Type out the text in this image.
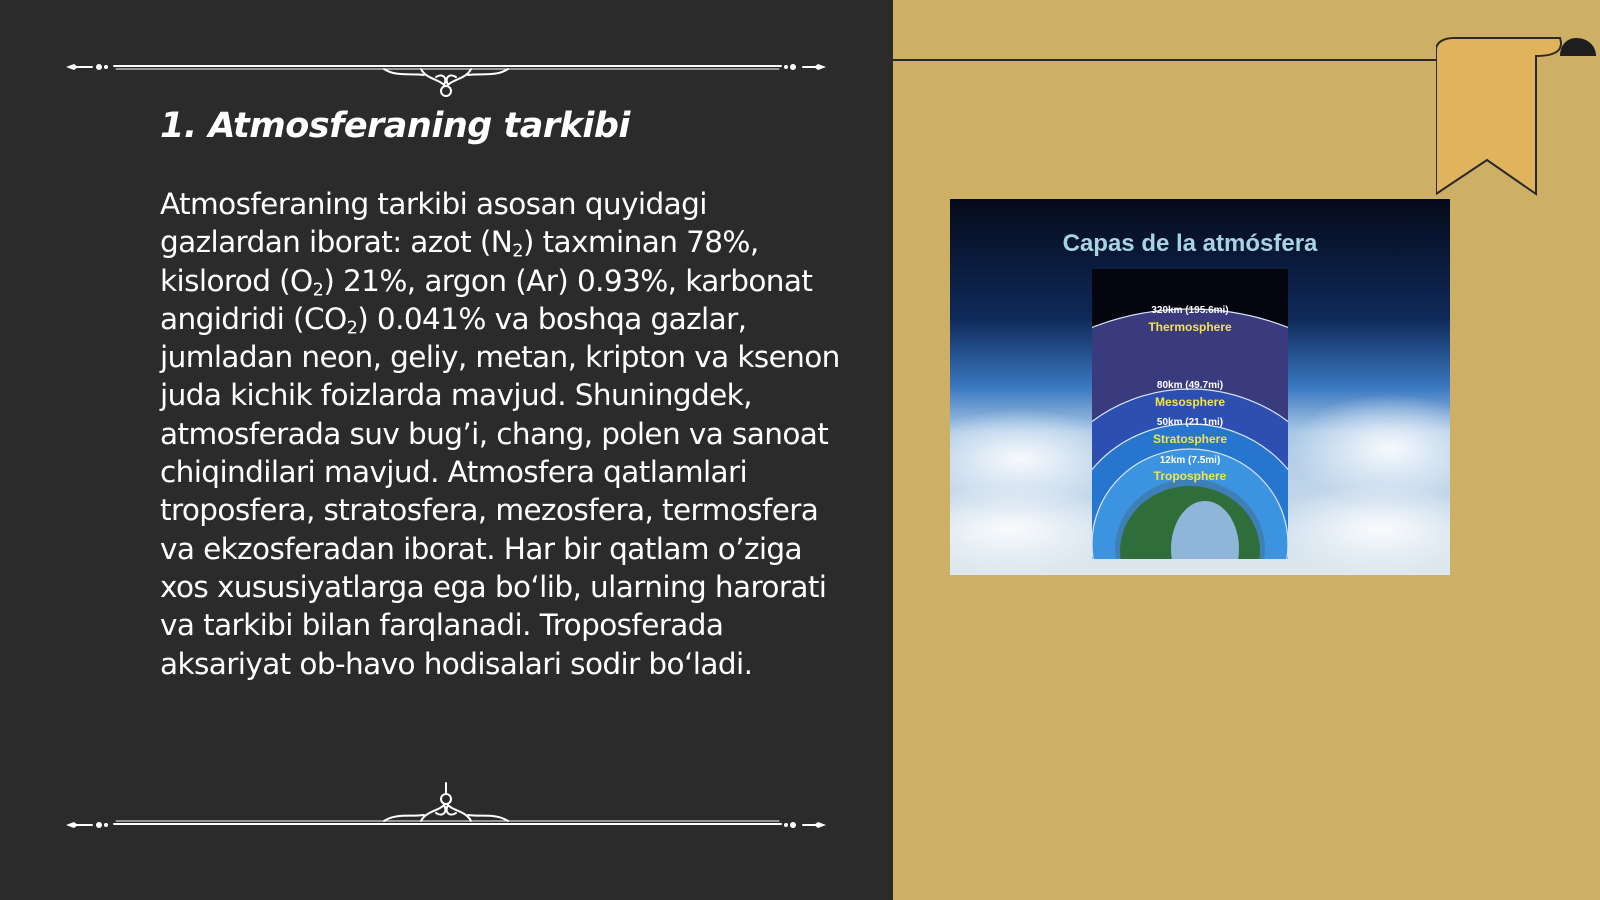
1. Atmosferaning tarkibi

Atmosferaning tarkibi asosan quyidagi gazlardan iborat: azot $(N_2)$ taxminan 78%, kislorod $(O_2)$ 21%, argon (Ar) 0.93%, karbonat angidridi $(CO_2)$ 0.041% va boshqa gazlar, jumladan neon, geliy, metan, kripton va ksenon juda kichik foizlarda mavjud. Shuningdek, atmosferada suv bug’i, chang, polen va sanoat chiqindilari mavjud. Atmosfera qatlamlari troposfera, stratosfera, mezosfera, termosfera va ekzosferadan iborat. Har bir qatlam o’ziga xos xususiyatlarga ega bo‘lib, ularning harorati va tarkibi bilan farqlanadi. Troposferada aksariyat ob-havo hodisalari sodir bo‘ladi.

Capas de la atmósfera
320km (195.6mi)
Thermosphere
80km (49.7mi)
Mesosphere
50km (21.1mi)
Stratosphere
12km (7.5mi)
Troposphere
